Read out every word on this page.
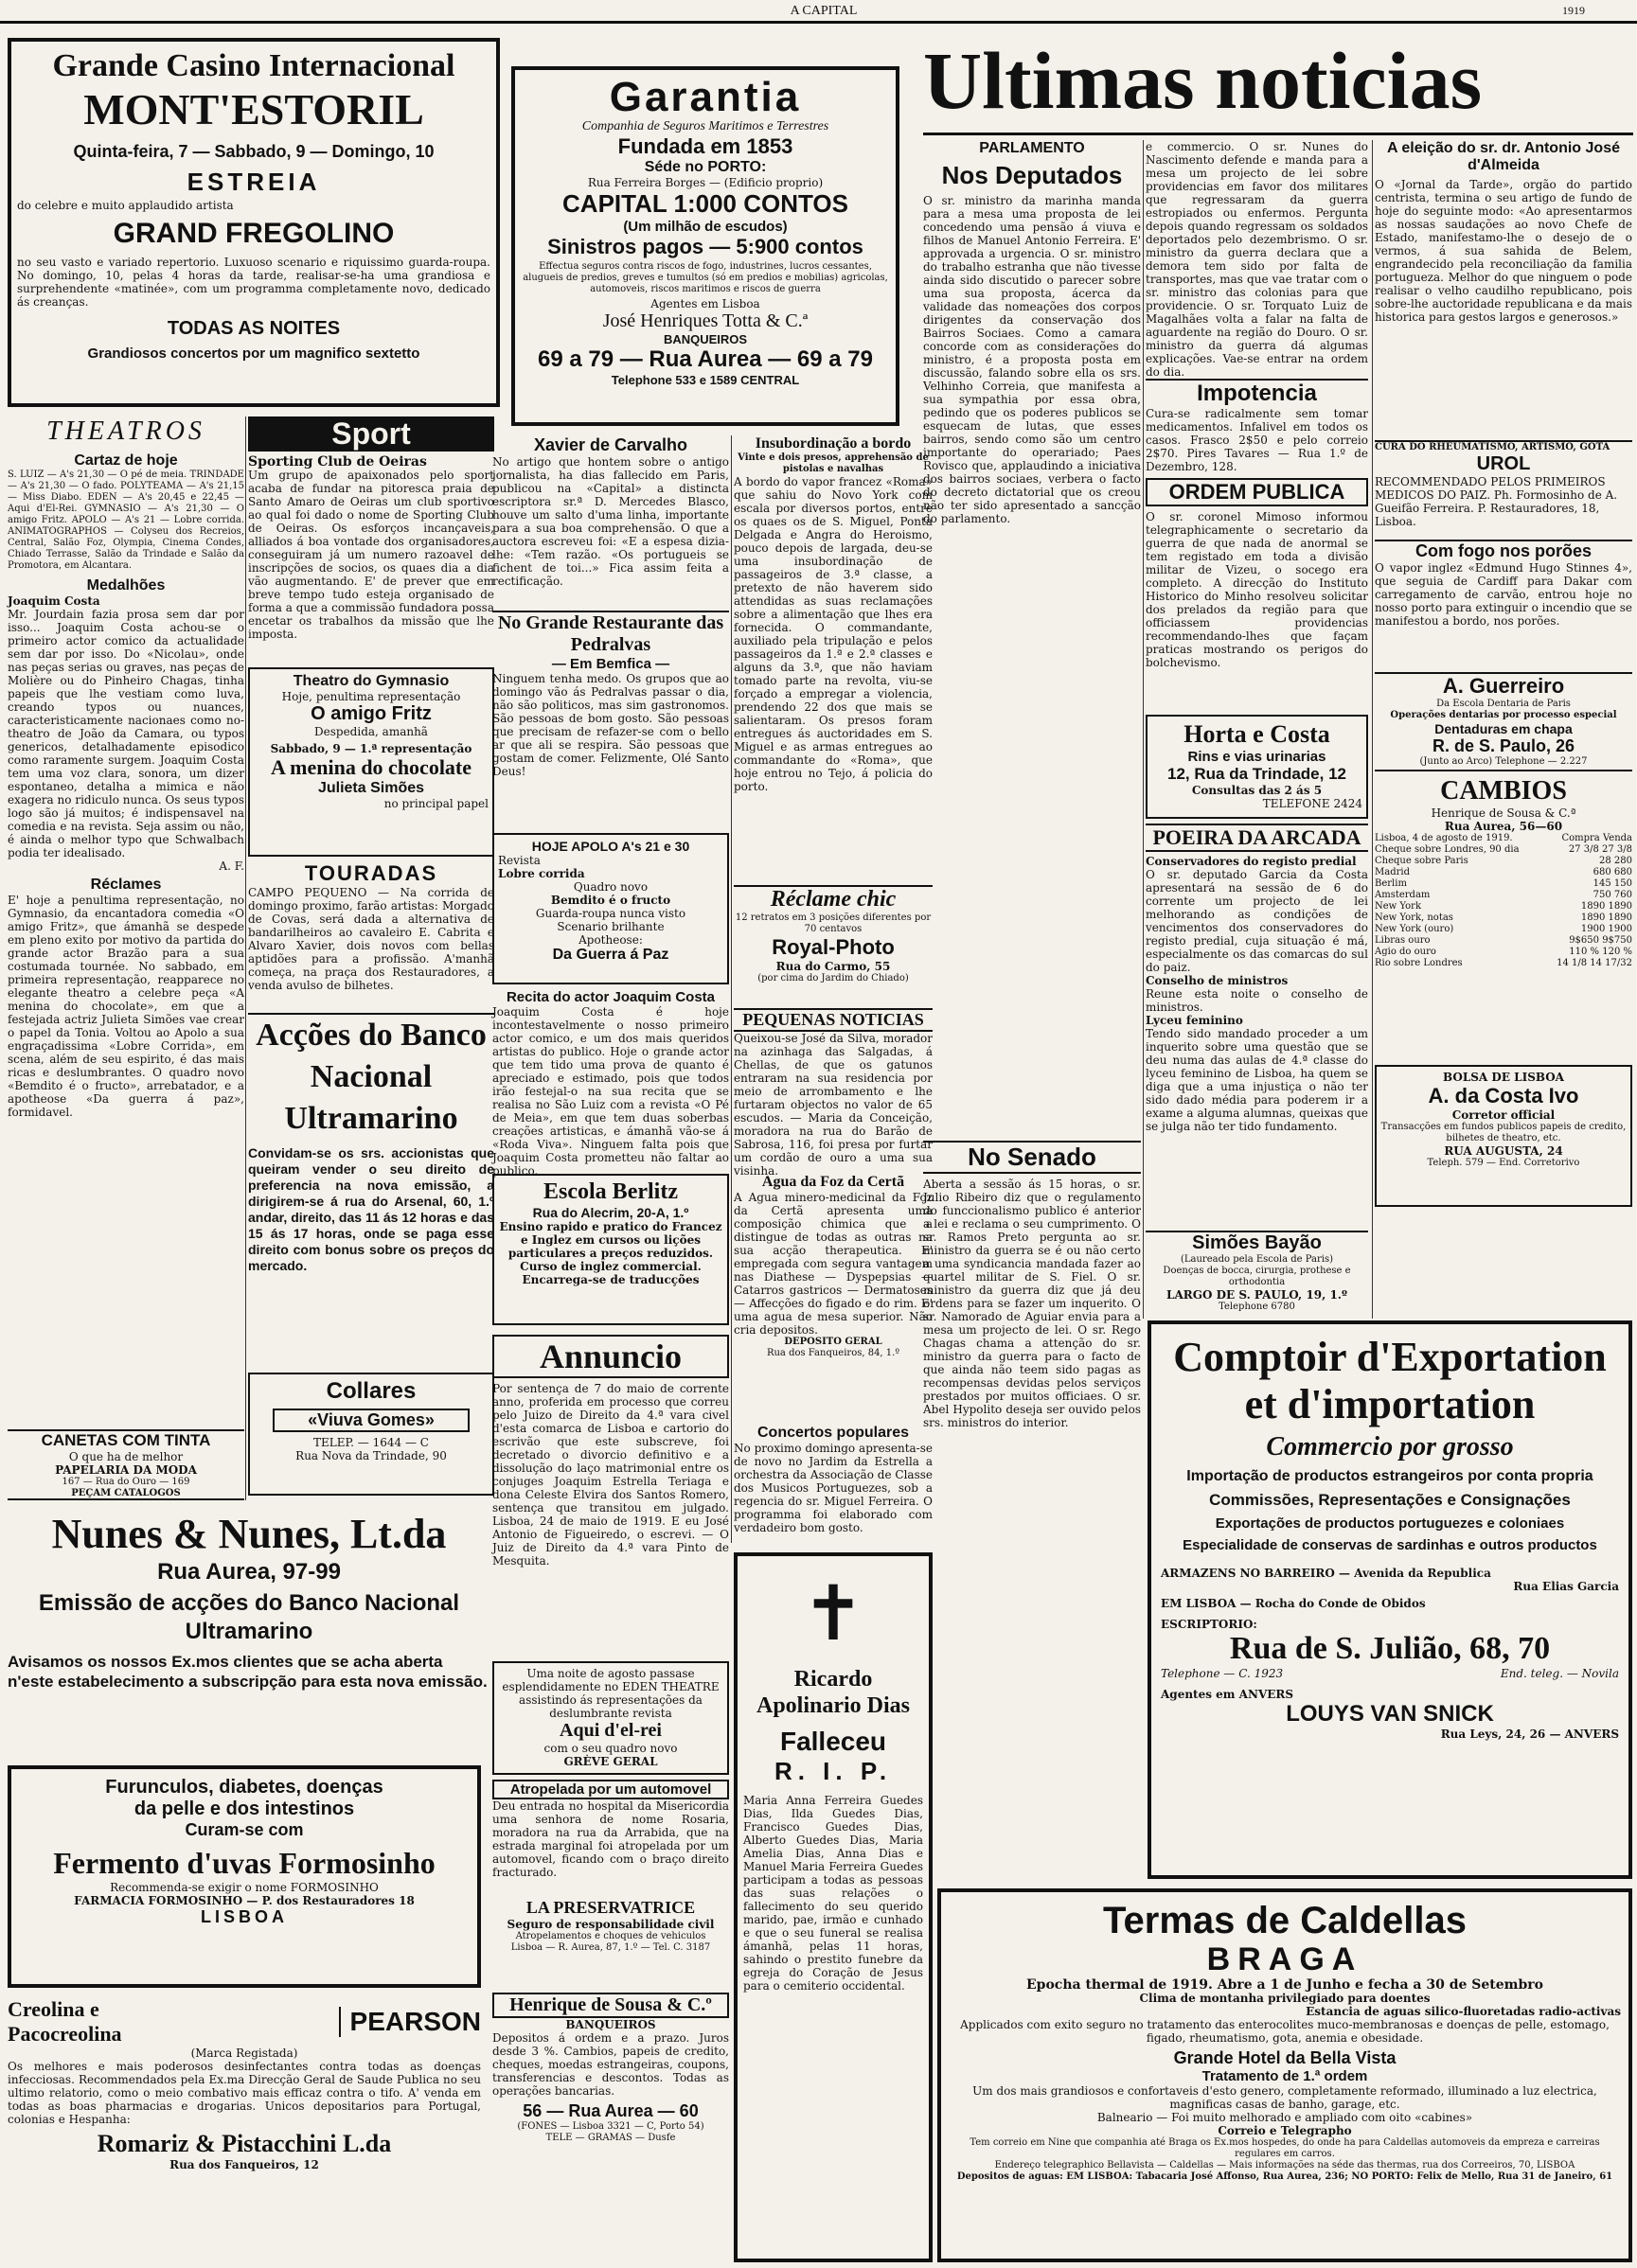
A CAPITAL	1919
Grande Casino Internacional
MONT'ESTORIL
Quinta-feira, 7 — Sabbado, 9 — Domingo, 10
ESTREIA
do celebre e muito applaudido artista
GRAND FREGOLINO
no seu vasto e variado repertorio. Luxuoso scenario e riquissimo guarda-roupa. No domingo, 10, pelas 4 horas da tarde, realisar-se-ha uma grandiosa e surprehendente «matinée», com um programma completamente novo, dedicado ás creanças.
TODAS AS NOITES
Grandiosos concertos por um magnifico sextetto
Garantia
Companhia de Seguros Maritimos e Terrestres
Fundada em 1853
Séde no PORTO:
Rua Ferreira Borges — (Edificio proprio)
CAPITAL 1:000 CONTOS
(Um milhão de escudos)
Sinistros pagos — 5:900 contos
Effectua seguros contra riscos de fogo, industrines, lucros cessantes, alugueis de predios, greves e tumultos (só em predios e mobilias) agricolas, automoveis, riscos maritimos e riscos de guerra
Agentes em Lisboa
José Henriques Totta & C.ª
BANQUEIROS
69 a 79 — Rua Aurea — 69 a 79
Telephone 533 e 1589 CENTRAL
Ultimas noticias
PARLAMENTO
Nos Deputados
O sr. ministro da marinha manda para a mesa uma proposta de lei concedendo uma pensão á viuva e filhos de Manuel Antonio Ferreira. E' approvada a urgencia. O sr. ministro do trabalho estranha que não tivesse ainda sido discutido o parecer sobre uma sua proposta, ácerca da validade das nomeações dos corpos dirigentes da conservação dos Bairros Sociaes. Como a camara concorde com as considerações do ministro, é a proposta posta em discussão, falando sobre ella os srs. Velhinho Correia, que manifesta a sua sympathia por essa obra, pedindo que os poderes publicos se esquecam de lutas, que esses bairros, sendo como são um centro importante do operariado; Paes Rovisco que, applaudindo a iniciativa dos bairros sociaes, verbera o facto do decreto dictatorial que os creou não ter sido apresentado a sancção do parlamento.
e commercio. O sr. Nunes do Nascimento defende e manda para a mesa um projecto de lei sobre providencias em favor dos militares que regressaram da guerra estropiados ou enfermos. Pergunta depois quando regressam os soldados deportados pelo dezembrismo. O sr. ministro da guerra declara que a demora tem sido por falta de transportes, mas que vae tratar com o sr. ministro das colonias para que providencie. O sr. Torquato Luiz de Magalhães volta a falar na falta de aguardente na região do Douro. O sr. ministro da guerra dá algumas explicações. Vae-se entrar na ordem do dia.
A eleição do sr. dr. Antonio José d'Almeida
O «Jornal da Tarde», orgão do partido centrista, termina o seu artigo de fundo de hoje do seguinte modo: «Ao apresentarmos as nossas saudações ao novo Chefe de Estado, manifestamo-lhe o desejo de o vermos, á sua sahida de Belem, engrandecido pela reconciliação da familia portugueza. Melhor do que ninguem o pode realisar o velho caudilho republicano, pois sobre-lhe auctoridade republicana e da mais historica para gestos largos e generosos.»
Impotencia
Cura-se radicalmente sem tomar medicamentos. Infalivel em todos os casos. Frasco 2$50 e pelo correio 2$70. Pires Tavares — Rua 1.º de Dezembro, 128.
ORDEM PUBLICA
O sr. coronel Mimoso informou telegraphicamente o secretario da guerra de que nada de anormal se tem registado em toda a divisão militar de Vizeu, o socego era completo. A direcção do Instituto Historico do Minho resolveu solicitar dos prelados da região para que officiassem providencias recommendando-lhes que façam praticas mostrando os perigos do bolchevismo.
CURA DO RHEUMATISMO, ARTISMO, GOTA
UROL
RECOMMENDADO PELOS PRIMEIROS MEDICOS DO PAIZ. Ph. Formosinho de A. Gueifão Ferreira. P. Restauradores, 18, Lisboa.
Com fogo nos porões
O vapor inglez «Edmund Hugo Stinnes 4», que seguia de Cardiff para Dakar com carregamento de carvão, entrou hoje no nosso porto para extinguir o incendio que se manifestou a bordo, nos porões.
Horta e Costa
Rins e vias urinarias
12, Rua da Trindade, 12
Consultas das 2 ás 5
TELEFONE 2424
A. Guerreiro
Da Escola Dentaria de Paris
Operações dentarias por processo especial
Dentaduras em chapa
R. de S. Paulo, 26
(Junto ao Arco) Telephone — 2.227
POEIRA DA ARCADA
Conservadores do registo predial
O sr. deputado Garcia da Costa apresentará na sessão de 6 do corrente um projecto de lei melhorando as condições de vencimentos dos conservadores do registo predial, cuja situação é má, especialmente os das comarcas do sul do paiz.
Conselho de ministros
Reune esta noite o conselho de ministros.
Lyceu feminino
Tendo sido mandado proceder a um inquerito sobre uma questão que se deu numa das aulas de 4.ª classe do lyceu feminino de Lisboa, ha quem se diga que a uma injustiça o não ter sido dado média para poderem ir a exame a alguma alumnas, queixas que se julga não ter tido fundamento.
CAMBIOS
Henrique de Sousa & C.ª
Rua Aurea, 56—60
Lisboa, 4 de agosto de 1919.	Compra Venda
Cheque sobre Londres, 90 dia	27 3/8 27 3/8
Cheque sobre Paris	28 280
Madrid	680 680
Berlim	145 150
Amsterdam	750 760
New York	1890 1890
New York, notas	1890 1890
New York (ouro)	1900 1900
Libras ouro	9$650 9$750
Agio do ouro	110 % 120 %
Rio sobre Londres	14 1/8 14 17/32
Simões Bayão
(Laureado pela Escola de Paris)
Doenças de bocca, cirurgia, prothese e orthodontia
LARGO DE S. PAULO, 19, 1.º
Telephone 6780
BOLSA DE LISBOA
A. da Costa Ivo
Corretor official
Transacções em fundos publicos papeis de credito, bilhetes de theatro, etc.
RUA AUGUSTA, 24
Teleph. 579 — End. Corretorivo
No Senado
Aberta a sessão ás 15 horas, o sr. Julio Ribeiro diz que o regulamento do funccionalismo publico é anterior a lei e reclama o seu cumprimento. O sr. Ramos Preto pergunta ao sr. ministro da guerra se é ou não certo a uma syndicancia mandada fazer ao quartel militar de S. Fiel. O sr. ministro da guerra diz que já deu ordens para se fazer um inquerito. O sr. Namorado de Aguiar envia para a mesa um projecto de lei. O sr. Rego Chagas chama a attenção do sr. ministro da guerra para o facto de que ainda não teem sido pagas as recompensas devidas pelos serviços prestados por muitos officiaes. O sr. Abel Hypolito deseja ser ouvido pelos srs. ministros do interior.
Comptoir d'Exportation
et d'importation
Commercio por grosso
Importação de productos estrangeiros por conta propria
Commissões, Representações e Consignações
Exportações de productos portuguezes e coloniaes
Especialidade de conservas de sardinhas e outros productos
ARMAZENS NO BARREIRO — Avenida da Republica
Rua Elias Garcia
EM LISBOA — Rocha do Conde de Obidos
ESCRIPTORIO:
Rua de S. Julião, 68, 70
Telephone — C. 1923	End. teleg. — Novila
Agentes em ANVERS
LOUYS VAN SNICK
Rua Leys, 24, 26 — ANVERS
Termas de Caldellas
BRAGA
Epocha thermal de 1919. Abre a 1 de Junho e fecha a 30 de Setembro
Clima de montanha privilegiado para doentes
Estancia de aguas silico-fluoretadas radio-activas
Applicados com exito seguro no tratamento das enterocolites muco-membranosas e doenças de pelle, estomago, figado, rheumatismo, gota, anemia e obesidade.
Grande Hotel da Bella Vista
Tratamento de 1.ª ordem
Um dos mais grandiosos e confortaveis d'esto genero, completamente reformado, illuminado a luz electrica, magnificas casas de banho, garage, etc.
Balneario — Foi muito melhorado e ampliado com oito «cabines»
Correio e Telegrapho
Tem correio em Nine que companhia até Braga os Ex.mos hospedes, do onde ha para Caldellas automoveis da empreza e carreiras regulares em carros.
Endereço telegraphico Bellavista — Caldellas — Mais informações na séde das thermas, rua dos Correeiros, 70, LISBOA
Depositos de aguas: EM LISBOA: Tabacaria José Affonso, Rua Aurea, 236; NO PORTO: Felix de Mello, Rua 31 de Janeiro, 61
THEATROS
Cartaz de hoje
S. LUIZ — A's 21,30 — O pé de meia. TRINDADE — A's 21,30 — O fado. POLYTEAMA — A's 21,15 — Miss Diabo. EDEN — A's 20,45 e 22,45 — Aqui d'El-Rei. GYMNASIO — A's 21,30 — O amigo Fritz. APOLO — A's 21 — Lobre corrida. ANIMATOGRAPHOS — Colyseu dos Recreios, Central, Salão Foz, Olympia, Cinema Condes, Chiado Terrasse, Salão da Trindade e Salão da Promotora, em Alcantara.
Medalhões
Joaquim Costa
Mr. Jourdain fazia prosa sem dar por isso... Joaquim Costa achou-se o primeiro actor comico da actualidade sem dar por isso. Do «Nicolau», onde nas peças serias ou graves, nas peças de Molière ou do Pinheiro Chagas, tinha papeis que lhe vestiam como luva, creando typos ou nuances, caracteristicamente nacionaes como no-theatro de João da Camara, ou typos genericos, detalhadamente episodico como raramente surgem. Joaquim Costa tem uma voz clara, sonora, um dizer espontaneo, detalha a mimica e não exagera no ridiculo nunca. Os seus typos logo são já muitos; é indispensavel na comedia e na revista. Seja assim ou não, é ainda o melhor typo que Schwalbach podia ter idealisado.
A. F.
Réclames
E' hoje a penultima representação, no Gymnasio, da encantadora comedia «O amigo Fritz», que ámanhã se despede em pleno exito por motivo da partida do grande actor Brazão para a sua costumada tournée. No sabbado, em primeira representação, reapparece no elegante theatro a celebre peça «A menina do chocolate», em que a festejada actriz Julieta Simões vae crear o papel da Tonia. Voltou ao Apolo a sua engraçadissima «Lobre Corrida», em scena, além de seu espirito, é das mais ricas e deslumbrantes. O quadro novo «Bemdito é o fructo», arrebatador, e a apotheose «Da guerra á paz», formidavel.
CANETAS COM TINTA
O que ha de melhor
PAPELARIA DA MODA
167 — Rua do Ouro — 169
PEÇAM CATALOGOS
Sport
Sporting Club de Oeiras
Um grupo de apaixonados pelo sport acaba de fundar na pitoresca praia de Santo Amaro de Oeiras um club sportivo ao qual foi dado o nome de Sporting Club de Oeiras. Os esforços incançaveis, alliados á boa vontade dos organisadores, conseguiram já um numero razoavel de inscripções de socios, os quaes dia a dia vão augmentando. E' de prever que em breve tempo tudo esteja organisado de forma a que a commissão fundadora possa encetar os trabalhos da missão que lhe imposta.
Theatro do Gymnasio
Hoje, penultima representação
O amigo Fritz
Despedida, amanhã
Sabbado, 9 — 1.ª representação
A menina do chocolate
Julieta Simões
no principal papel
TOURADAS
CAMPO PEQUENO — Na corrida de domingo proximo, farão artistas: Morgado de Covas, será dada a alternativa de bandarilheiros ao cavaleiro E. Cabrita e Alvaro Xavier, dois novos com bellas aptidões para a profissão. A'manhã começa, na praça dos Restauradores, a venda avulso de bilhetes.
Acções do Banco Nacional Ultramarino
Convidam-se os srs. accionistas que queiram vender o seu direito de preferencia na nova emissão, a dirigirem-se á rua do Arsenal, 60, 1.º andar, direito, das 11 ás 12 horas e das 15 ás 17 horas, onde se paga esse direito com bonus sobre os preços do mercado.
Collares
«Viuva Gomes»
TELEP. — 1644 — C
Rua Nova da Trindade, 90
Xavier de Carvalho
No artigo que hontem sobre o antigo jornalista, ha dias fallecido em Paris, publicou na «Capital» a distincta escriptora sr.ª D. Mercedes Blasco, houve um salto d'uma linha, importante para a sua boa comprehensão. O que a auctora escreveu foi: «E a espesa dizia-lhe: «Tem razão. «Os portugueis se fichent de toi...» Fica assim feita a rectificação.
No Grande Restaurante das Pedralvas
— Em Bemfica —
Ninguem tenha medo. Os grupos que ao domingo vão ás Pedralvas passar o dia, não são politicos, mas sim gastronomos. São pessoas de bom gosto. São pessoas que precisam de refazer-se com o bello ar que ali se respira. São pessoas que gostam de comer. Felizmente, Olé Santo Deus!
HOJE APOLO A's 21 e 30
Revista
Lobre corrida
Quadro novo
Bemdito é o fructo
Guarda-roupa nunca visto
Scenario brilhante
Apotheose:
Da Guerra á Paz
Recita do actor Joaquim Costa
Joaquim Costa é hoje incontestavelmente o nosso primeiro actor comico, e um dos mais queridos artistas do publico. Hoje o grande actor que tem tido uma prova de quanto é apreciado e estimado, pois que todos irão festejal-o na sua recita que se realisa no São Luiz com a revista «O Pé de Meia», em que tem duas soberbas creações artisticas, e ámanhã vão-se á «Roda Viva». Ninguem falta pois que Joaquim Costa prometteu não faltar ao publico.
Insubordinação a bordo
Vinte e dois presos, apprehensão de pistolas e navalhas
A bordo do vapor francez «Roma» que sahiu do Novo York com escala por diversos portos, entre os quaes os de S. Miguel, Ponta Delgada e Angra do Heroismo, pouco depois de largada, deu-se uma insubordinação de passageiros de 3.ª classe, a pretexto de não haverem sido attendidas as suas reclamações sobre a alimentação que lhes era fornecida. O commandante, auxiliado pela tripulação e pelos passageiros da 1.ª e 2.ª classes e alguns da 3.ª, que não haviam tomado parte na revolta, viu-se forçado a empregar a violencia, prendendo 22 dos que mais se salientaram. Os presos foram entregues ás auctoridades em S. Miguel e as armas entregues ao commandante do «Roma», que hoje entrou no Tejo, á policia do porto.
Réclame chic
12 retratos em 3 posições diferentes por 70 centavos
Royal-Photo
Rua do Carmo, 55
(por cima do Jardim do Chiado)
PEQUENAS NOTICIAS
Queixou-se José da Silva, morador na azinhaga das Salgadas, á Chellas, de que os gatunos entraram na sua residencia por meio de arrombamento e lhe furtaram objectos no valor de 65 escudos. — Maria da Conceição, moradora na rua do Barão de Sabrosa, 116, foi presa por furtar um cordão de ouro a uma sua visinha.
Escola Berlitz
Rua do Alecrim, 20-A, 1.º
Ensino rapido e pratico do Francez e Inglez em cursos ou lições particulares a preços reduzidos.
Curso de inglez commercial.
Encarrega-se de traducções
Agua da Foz da Certã
A Agua minero-medicinal da Foz da Certã apresenta uma composição chimica que a distingue de todas as outras na sua acção therapeutica. E' empregada com segura vantagem nas Diathese — Dyspepsias — Catarros gastricos — Dermatoses — Affecções do figado e do rim. E' uma agua de mesa superior. Não cria depositos.
DEPOSITO GERAL
Rua dos Fanqueiros, 84, 1.º
Annuncio
Por sentença de 7 do maio de corrente anno, proferida em processo que correu pelo Juizo de Direito da 4.ª vara civel d'esta comarca de Lisboa e cartorio do escrivão que este subscreve, foi decretado o divorcio definitivo e a dissolução do laço matrimonial entre os conjuges Joaquim Estrella Teriaga e dona Celeste Elvira dos Santos Romero, sentença que transitou em julgado. Lisboa, 24 de maio de 1919. E eu José Antonio de Figueiredo, o escrevi. — O Juiz de Direito da 4.ª vara Pinto de Mesquita.
Concertos populares
No proximo domingo apresenta-se de novo no Jardim da Estrella a orchestra da Associação de Classe dos Musicos Portuguezes, sob a regencia do sr. Miguel Ferreira. O programma foi elaborado com verdadeiro bom gosto.
Uma noite de agosto passase esplendidamente no EDEN THEATRE assistindo ás representações da deslumbrante revista
Aqui d'el-rei
com o seu quadro novo
GRÈVE GERAL
Atropelada por um automovel
Deu entrada no hospital da Misericordia uma senhora de nome Rosaria, moradora na rua da Arrabida, que na estrada marginal foi atropelada por um automovel, ficando com o braço direito fracturado.
LA PRESERVATRICE
Seguro de responsabilidade civil
Atropelamentos e choques de vehiculos
Lisboa — R. Aurea, 87, 1.º — Tel. C. 3187
Henrique de Sousa & C.º
BANQUEIROS
Depositos á ordem e a prazo. Juros desde 3 %. Cambios, papeis de credito, cheques, moedas estrangeiras, coupons, transferencias e descontos. Todas as operações bancarias.
56 — Rua Aurea — 60
(FONES — Lisboa 3321 — C, Porto 54)
TELE — GRAMAS — Dusfe
✝
Ricardo Apolinario Dias
Falleceu
R. I. P.
Maria Anna Ferreira Guedes Dias, Ilda Guedes Dias, Francisco Guedes Dias, Alberto Guedes Dias, Maria Amelia Dias, Anna Dias e Manuel Maria Ferreira Guedes participam a todas as pessoas das suas relações o fallecimento do seu querido marido, pae, irmão e cunhado e que o seu funeral se realisa ámanhã, pelas 11 horas, sahindo o prestito funebre da egreja do Coração de Jesus para o cemiterio occidental.
Nunes & Nunes, Lt.da
Rua Aurea, 97-99
Emissão de acções do Banco Nacional Ultramarino
Avisamos os nossos Ex.mos clientes que se acha aberta n'este estabelecimento a subscripção para esta nova emissão.
Furunculos, diabetes, doenças
da pelle e dos intestinos
Curam-se com
Fermento d'uvas Formosinho
Recommenda-se exigir o nome FORMOSINHO
FARMACIA FORMOSINHO — P. dos Restauradores 18
LISBOA
Creolina e Pacocreolina	PEARSON
(Marca Registada)
Os melhores e mais poderosos desinfectantes contra todas as doenças infecciosas. Recommendados pela Ex.ma Direcção Geral de Saude Publica no seu ultimo relatorio, como o meio combativo mais efficaz contra o tifo. A' venda em todas as boas pharmacias e drogarias. Unicos depositarios para Portugal, colonias e Hespanha:
Romariz & Pistacchini L.da
Rua dos Fanqueiros, 12
